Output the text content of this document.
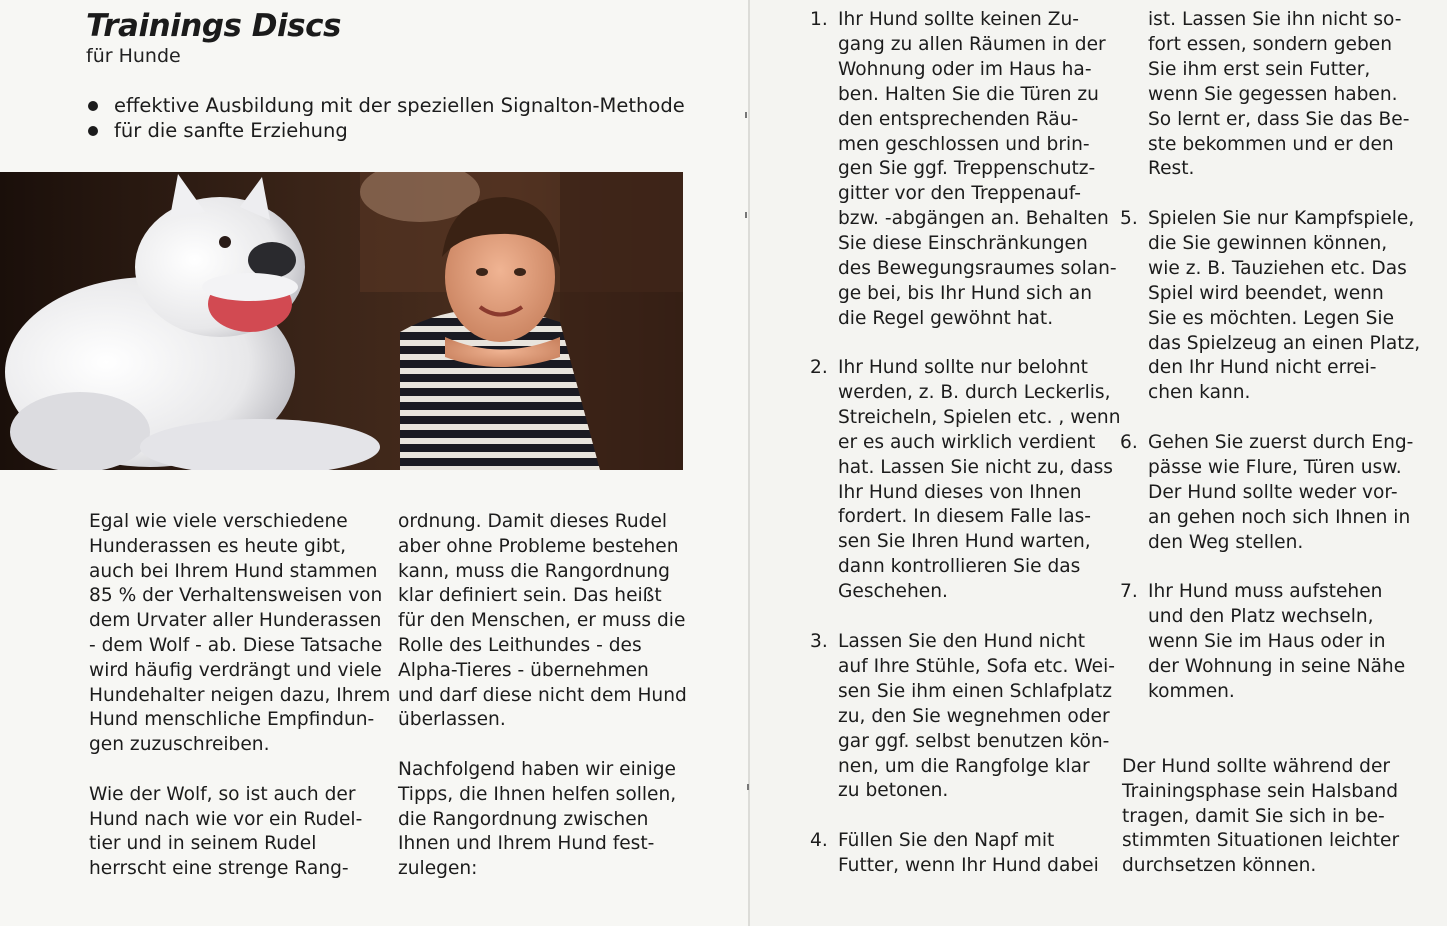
Trainings Discs
für Hunde
effektive Ausbildung mit der speziellen Signalton-Methode
für die sanfte Erziehung

Egal wie viele verschiedene
Hunderassen es heute gibt,
auch bei Ihrem Hund stammen
85 % der Verhaltensweisen von
dem Urvater aller Hunderassen
- dem Wolf - ab. Diese Tatsache
wird häufig verdrängt und viele
Hundehalter neigen dazu, Ihrem
Hund menschliche Empfindun-
gen zuzuschreiben.

Wie der Wolf, so ist auch der
Hund nach wie vor ein Rudel-
tier und in seinem Rudel
herrscht eine strenge Rang-

ordnung. Damit dieses Rudel
aber ohne Probleme bestehen
kann, muss die Rangordnung
klar definiert sein. Das heißt
für den Menschen, er muss die
Rolle des Leithundes - des
Alpha-Tieres - übernehmen
und darf diese nicht dem Hund
überlassen.

Nachfolgend haben wir einige
Tipps, die Ihnen helfen sollen,
die Rangordnung zwischen
Ihnen und Ihrem Hund fest-
zulegen:

1. Ihr Hund sollte keinen Zu-
gang zu allen Räumen in der
Wohnung oder im Haus ha-
ben. Halten Sie die Türen zu
den entsprechenden Räu-
men geschlossen und brin-
gen Sie ggf. Treppenschutz-
gitter vor den Treppenauf-
bzw. -abgängen an. Behalten
Sie diese Einschränkungen
des Bewegungsraumes solan-
ge bei, bis Ihr Hund sich an
die Regel gewöhnt hat.
2. Ihr Hund sollte nur belohnt
werden, z. B. durch Leckerlis,
Streicheln, Spielen etc. , wenn
er es auch wirklich verdient
hat. Lassen Sie nicht zu, dass
Ihr Hund dieses von Ihnen
fordert. In diesem Falle las-
sen Sie Ihren Hund warten,
dann kontrollieren Sie das
Geschehen.
3. Lassen Sie den Hund nicht
auf Ihre Stühle, Sofa etc. Wei-
sen Sie ihm einen Schlafplatz
zu, den Sie wegnehmen oder
gar ggf. selbst benutzen kön-
nen, um die Rangfolge klar
zu betonen.
4. Füllen Sie den Napf mit
Futter, wenn Ihr Hund dabei
ist. Lassen Sie ihn nicht so-
fort essen, sondern geben
Sie ihm erst sein Futter,
wenn Sie gegessen haben.
So lernt er, dass Sie das Be-
ste bekommen und er den
Rest.
5. Spielen Sie nur Kampfspiele,
die Sie gewinnen können,
wie z. B. Tauziehen etc. Das
Spiel wird beendet, wenn
Sie es möchten. Legen Sie
das Spielzeug an einen Platz,
den Ihr Hund nicht errei-
chen kann.
6. Gehen Sie zuerst durch Eng-
pässe wie Flure, Türen usw.
Der Hund sollte weder vor-
an gehen noch sich Ihnen in
den Weg stellen.
7. Ihr Hund muss aufstehen
und den Platz wechseln,
wenn Sie im Haus oder in
der Wohnung in seine Nähe
kommen.

Der Hund sollte während der
Trainingsphase sein Halsband
tragen, damit Sie sich in be-
stimmten Situationen leichter
durchsetzen können.
